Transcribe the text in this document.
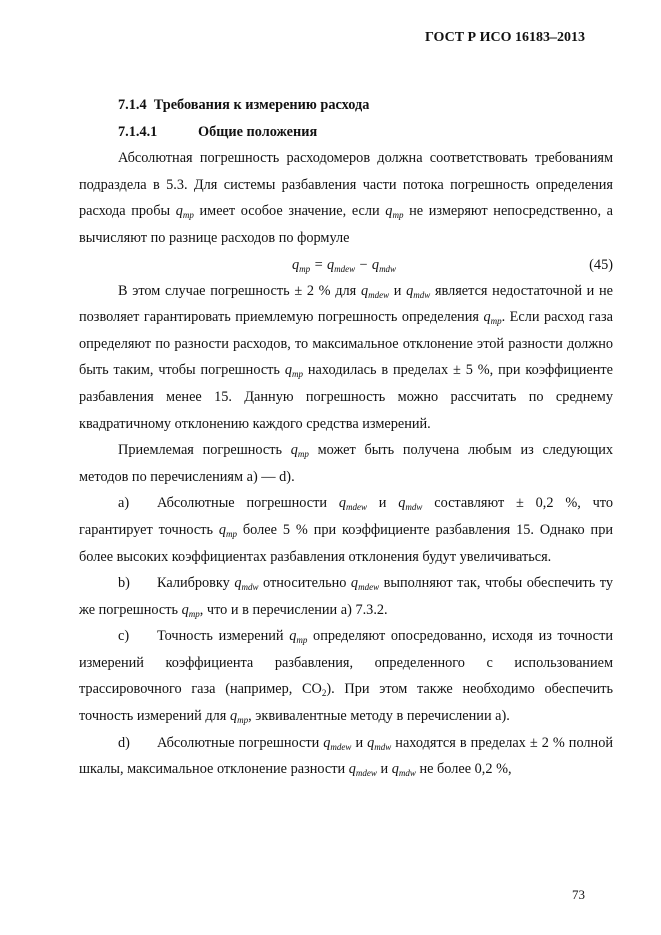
ГОСТ Р ИСО 16183–2013

7.1.4 Требования к измерению расхода

7.1.4.1	Общие положения

Абсолютная погрешность расходомеров должна соответствовать требованиям подраздела в 5.3. Для системы разбавления части потока погрешность определения расхода пробы $q_{mp}$ имеет особое значение, если $q_{mp}$ не измеряют непосредственно, а вычисляют по разнице расходов по формуле

$q_{mp} = q_{mdew} - q_{mdw}$	(45)

В этом случае погрешность ± 2 % для $q_{mdew}$ и $q_{mdw}$ является недостаточной и не позволяет гарантировать приемлемую погрешность определения $q_{mp}$. Если расход газа определяют по разности расходов, то максимальное отклонение этой разности должно быть таким, чтобы погрешность $q_{mp}$ находилась в пределах ± 5 %, при коэффициенте разбавления менее 15. Данную погрешность можно рассчитать по среднему квадратичному отклонению каждого средства измерений.

Приемлемая погрешность $q_{mp}$ может быть получена любым из следующих методов по перечислениям а) — d).

a) Абсолютные погрешности $q_{mdew}$ и $q_{mdw}$ составляют ± 0,2 %, что гарантирует точность $q_{mp}$ более 5 % при коэффициенте разбавления 15. Однако при более высоких коэффициентах разбавления отклонения будут увеличиваться.

b) Калибровку $q_{mdw}$ относительно $q_{mdew}$ выполняют так, чтобы обеспечить ту же погрешность $q_{mp}$, что и в перечислении а) 7.3.2.

c) Точность измерений $q_{mp}$ определяют опосредованно, исходя из точности измерений коэффициента разбавления, определенного с использованием трассировочного газа (например, $CO_2$). При этом также необходимо обеспечить точность измерений для $q_{mp}$, эквивалентные методу в перечислении а).

d) Абсолютные погрешности $q_{mdew}$ и $q_{mdw}$ находятся в пределах ± 2 % полной шкалы, максимальное отклонение разности $q_{mdew}$ и $q_{mdw}$ не более 0,2 %,

73
